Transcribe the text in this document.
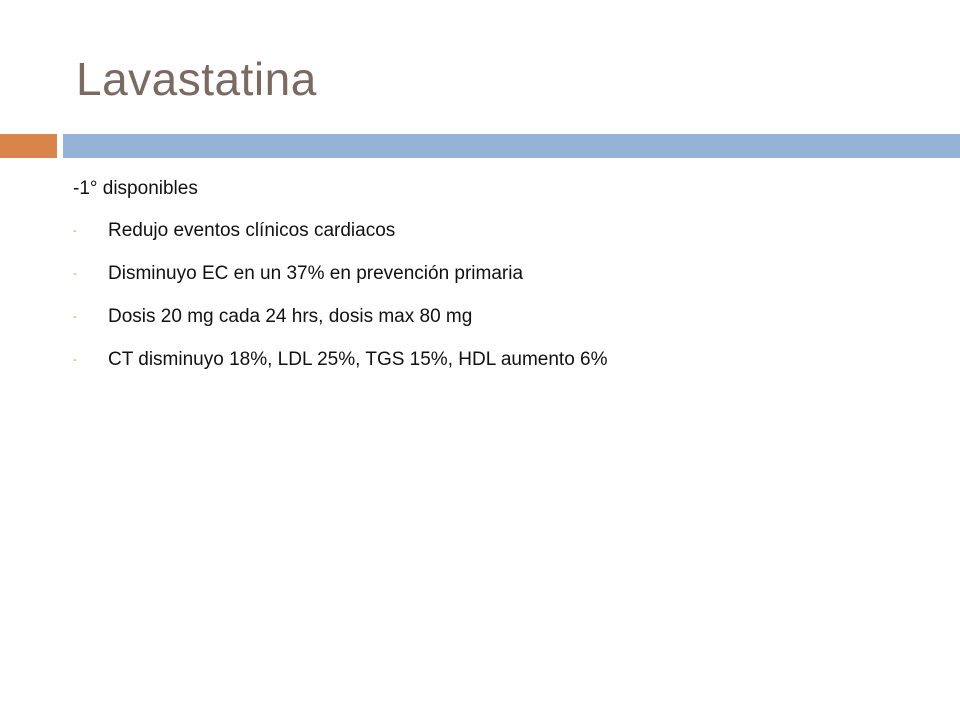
Lavastatina
-1° disponibles
-	Redujo eventos clínicos cardiacos
-	Disminuyo EC en un 37% en prevención primaria
-	Dosis 20 mg cada 24 hrs, dosis max 80 mg
-	CT disminuyo 18%, LDL 25%, TGS 15%, HDL aumento 6%
